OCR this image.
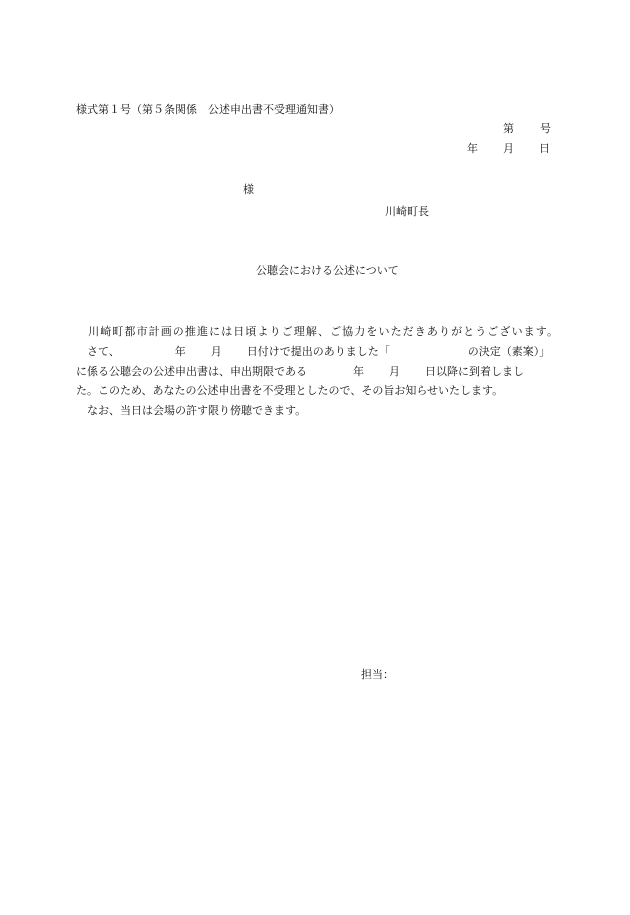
様式第１号（第５条関係　公述申出書不受理通知書）
第 号
年 月 日
様
川崎町長
公聴会における公述について
川崎町都市計画の推進には日頃よりご理解、ご協力をいただきありがとうございます。
さて、	年 月 日付けで提出のありました「	の決定（素案）」
に係る公聴会の公述申出書は、申出期限である	年 月 日以降に到着しまし
た。このため、あなたの公述申出書を不受理としたので、その旨お知らせいたします。
なお、当日は会場の許す限り傍聴できます。
担当：
